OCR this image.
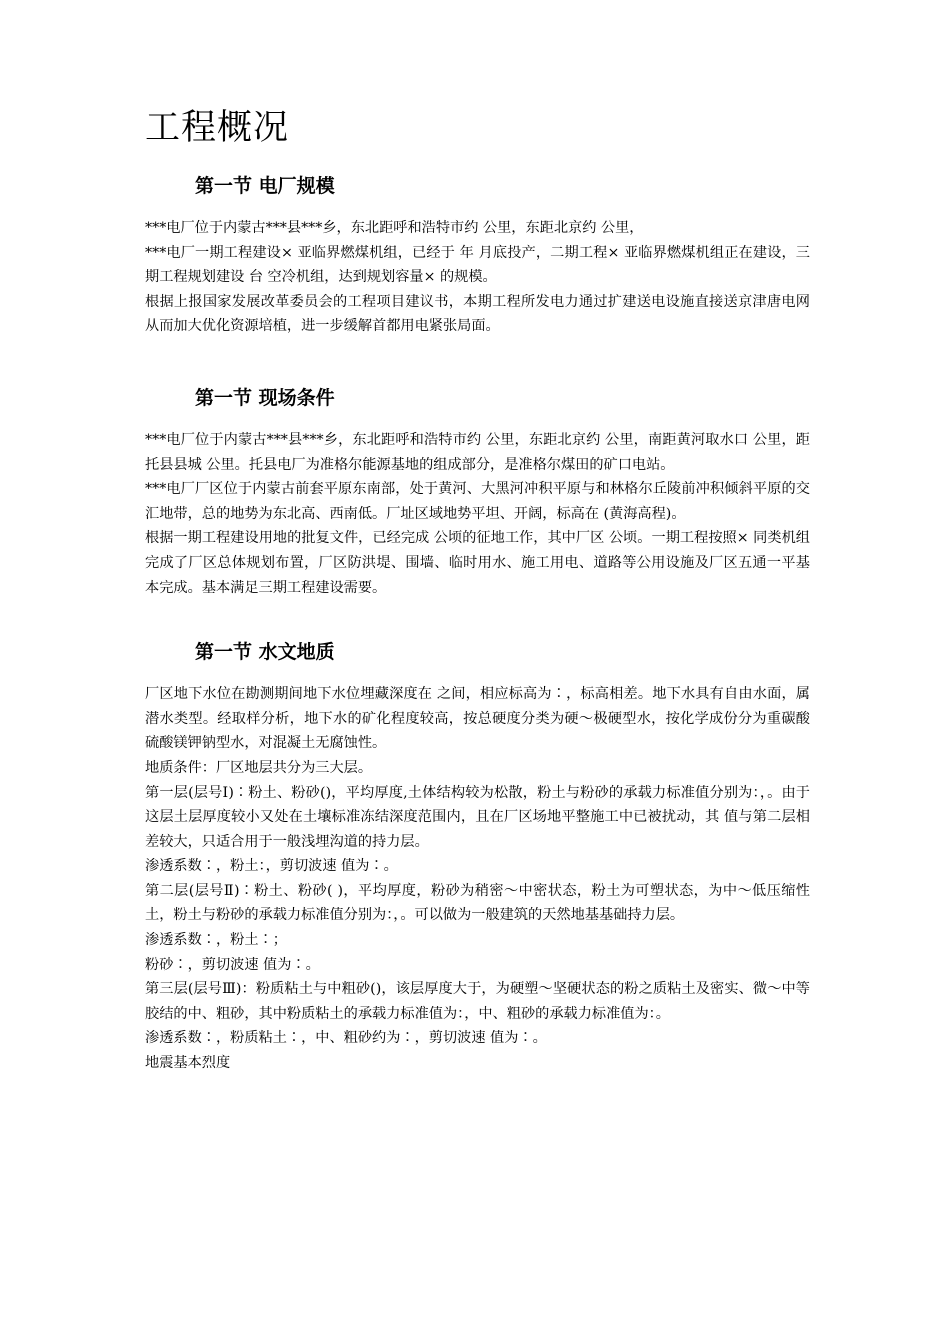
工程概况
第一节 电厂规模

***电厂位于内蒙古***县***乡，东北距呼和浩特市约 公里，东距北京约 公里，

***电厂一期工程建设× 亚临界燃煤机组，已经于 年 月底投产，二期工程× 亚临界燃煤机组正在建设，三期工程规划建设 台 空冷机组，达到规划容量× 的规模。

根据上报国家发展改革委员会的工程项目建议书，本期工程所发电力通过扩建送电设施直接送京津唐电网从而加大优化资源培植，进一步缓解首都用电紧张局面。

第一节 现场条件

***电厂位于内蒙古***县***乡，东北距呼和浩特市约 公里，东距北京约 公里，南距黄河取水口 公里，距托县县城 公里。托县电厂为准格尔能源基地的组成部分，是准格尔煤田的矿口电站。

***电厂厂区位于内蒙古前套平原东南部，处于黄河、大黑河冲积平原与和林格尔丘陵前冲积倾斜平原的交汇地带，总的地势为东北高、西南低。厂址区域地势平坦、开阔，标高在 (黄海高程)。

根据一期工程建设用地的批复文件，已经完成 公顷的征地工作，其中厂区 公顷。一期工程按照× 同类机组完成了厂区总体规划布置，厂区防洪堤、围墙、临时用水、施工用电、道路等公用设施及厂区五通一平基本完成。基本满足三期工程建设需要。

第一节 水文地质

厂区地下水位在勘测期间地下水位埋藏深度在 之间，相应标高为∶，标高相差。地下水具有自由水面，属潜水类型。经取样分析，地下水的矿化程度较高，按总硬度分类为硬～极硬型水，按化学成份分为重碳酸硫酸镁钾钠型水，对混凝土无腐蚀性。

地质条件：厂区地层共分为三大层。

第一层(层号Ⅰ)∶粉土、粉砂()，平均厚度,土体结构较为松散，粉土与粉砂的承载力标准值分别为：，。由于这层土层厚度较小又处在土壤标准冻结深度范围内，且在厂区场地平整施工中已被扰动，其 值与第二层相差较大，只适合用于一般浅埋沟道的持力层。

渗透系数∶，粉土：，剪切波速 值为∶。

第二层(层号Ⅱ)∶粉土、粉砂( )，平均厚度，粉砂为稍密～中密状态，粉土为可塑状态，为中～低压缩性土，粉土与粉砂的承载力标准值分别为：，。可以做为一般建筑的天然地基基础持力层。

渗透系数∶，粉土∶；

粉砂∶，剪切波速 值为∶。

第三层(层号Ⅲ)：粉质粘土与中粗砂()，该层厚度大于，为硬塑～坚硬状态的粉之质粘土及密实、微～中等胶结的中、粗砂，其中粉质粘土的承载力标准值为：，中、粗砂的承载力标准值为：。

渗透系数∶，粉质粘土∶，中、粗砂约为∶，剪切波速 值为∶。

地震基本烈度
